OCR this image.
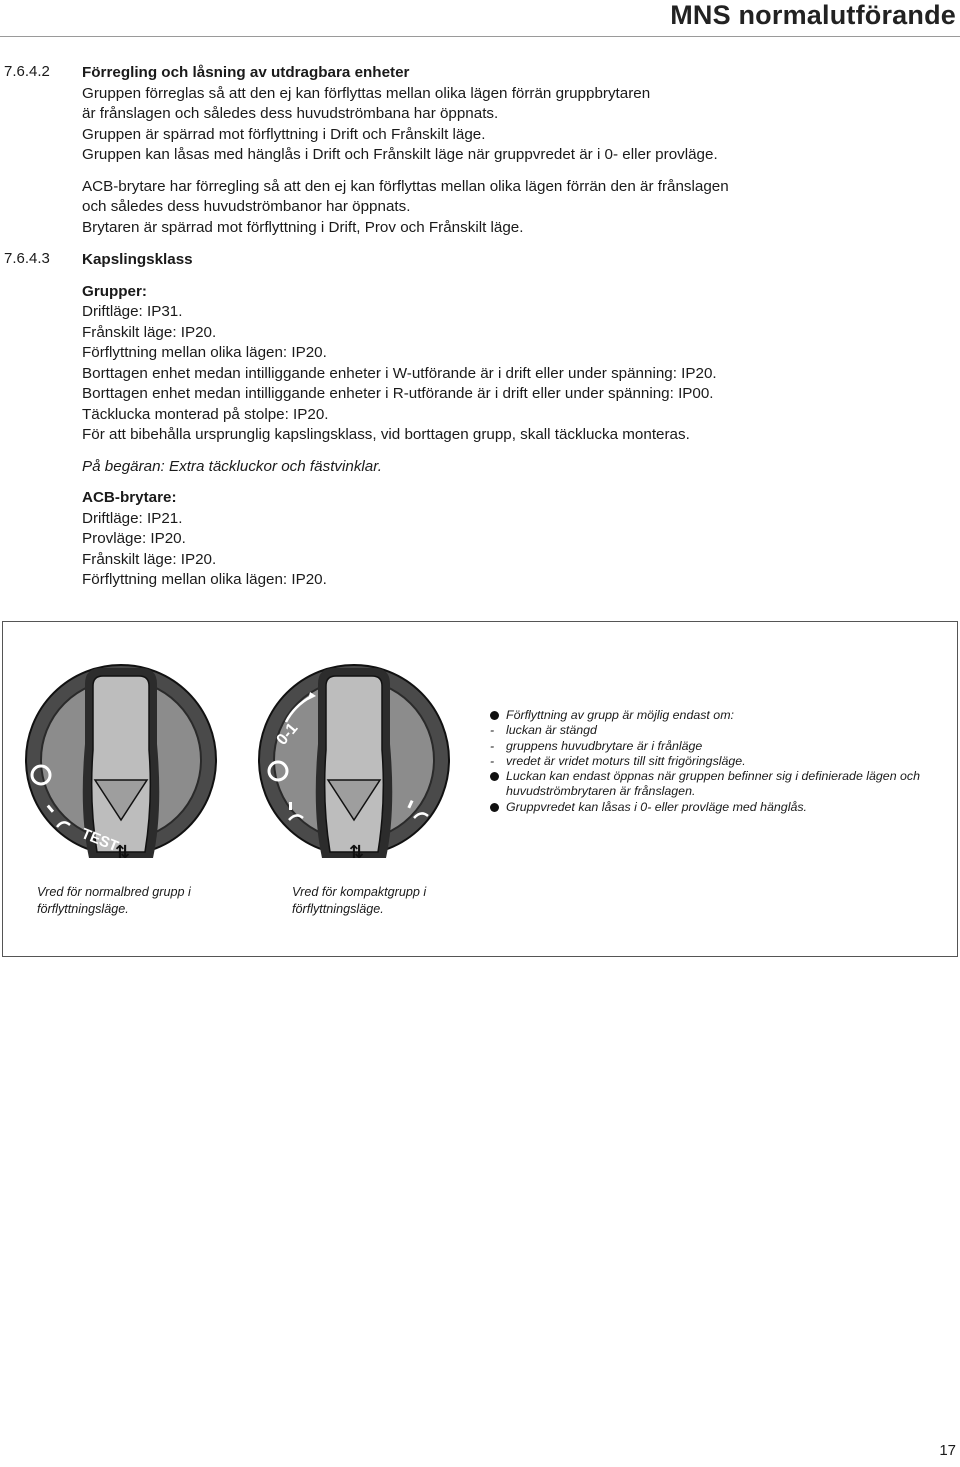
MNS normalutförande
7.6.4.2 Förregling och låsning av utdragbara enheter
Gruppen förreglas så att den ej kan förflyttas mellan olika lägen förrän gruppbrytaren
är frånslagen och således dess huvudströmbana har öppnats.
Gruppen är spärrad mot förflyttning i Drift och Frånskilt läge.
Gruppen kan låsas med hänglås i Drift och Frånskilt läge när gruppvredet är i 0- eller provläge.
ACB-brytare har förregling så att den ej kan förflyttas mellan olika lägen förrän den är frånslagen
och således dess huvudströmbanor har öppnats.
Brytaren är spärrad mot förflyttning i Drift, Prov och Frånskilt läge.
7.6.4.3 Kapslingsklass
Grupper:
Driftläge: IP31.
Frånskilt läge: IP20.
Förflyttning mellan olika lägen: IP20.
Borttagen enhet medan intilliggande enheter i W-utförande är i drift eller under spänning: IP20.
Borttagen enhet medan intilliggande enheter i R-utförande är i drift eller under spänning: IP00.
Täcklucka monterad på stolpe: IP20.
För att bibehålla ursprunglig kapslingsklass, vid borttagen grupp, skall täcklucka monteras.
På begäran: Extra täckluckor och fästvinklar.
ACB-brytare:
Driftläge: IP21.
Provläge: IP20.
Frånskilt läge: IP20.
Förflyttning mellan olika lägen: IP20.
TEST
⇅
0-1
⇅
Förflyttning av grupp är möjlig endast om:
- luckan är stängd
- gruppens huvudbrytare är i frånläge
- vredet är vridet moturs till sitt frigöringsläge.
Luckan kan endast öppnas när gruppen befinner sig i definierade lägen och
huvudströmbrytaren är frånslagen.
Gruppvredet kan låsas i 0- eller provläge med hänglås.
Vred för normalbred grupp i förflyttningsläge.
Vred för kompaktgrupp i förflyttningsläge.
17
